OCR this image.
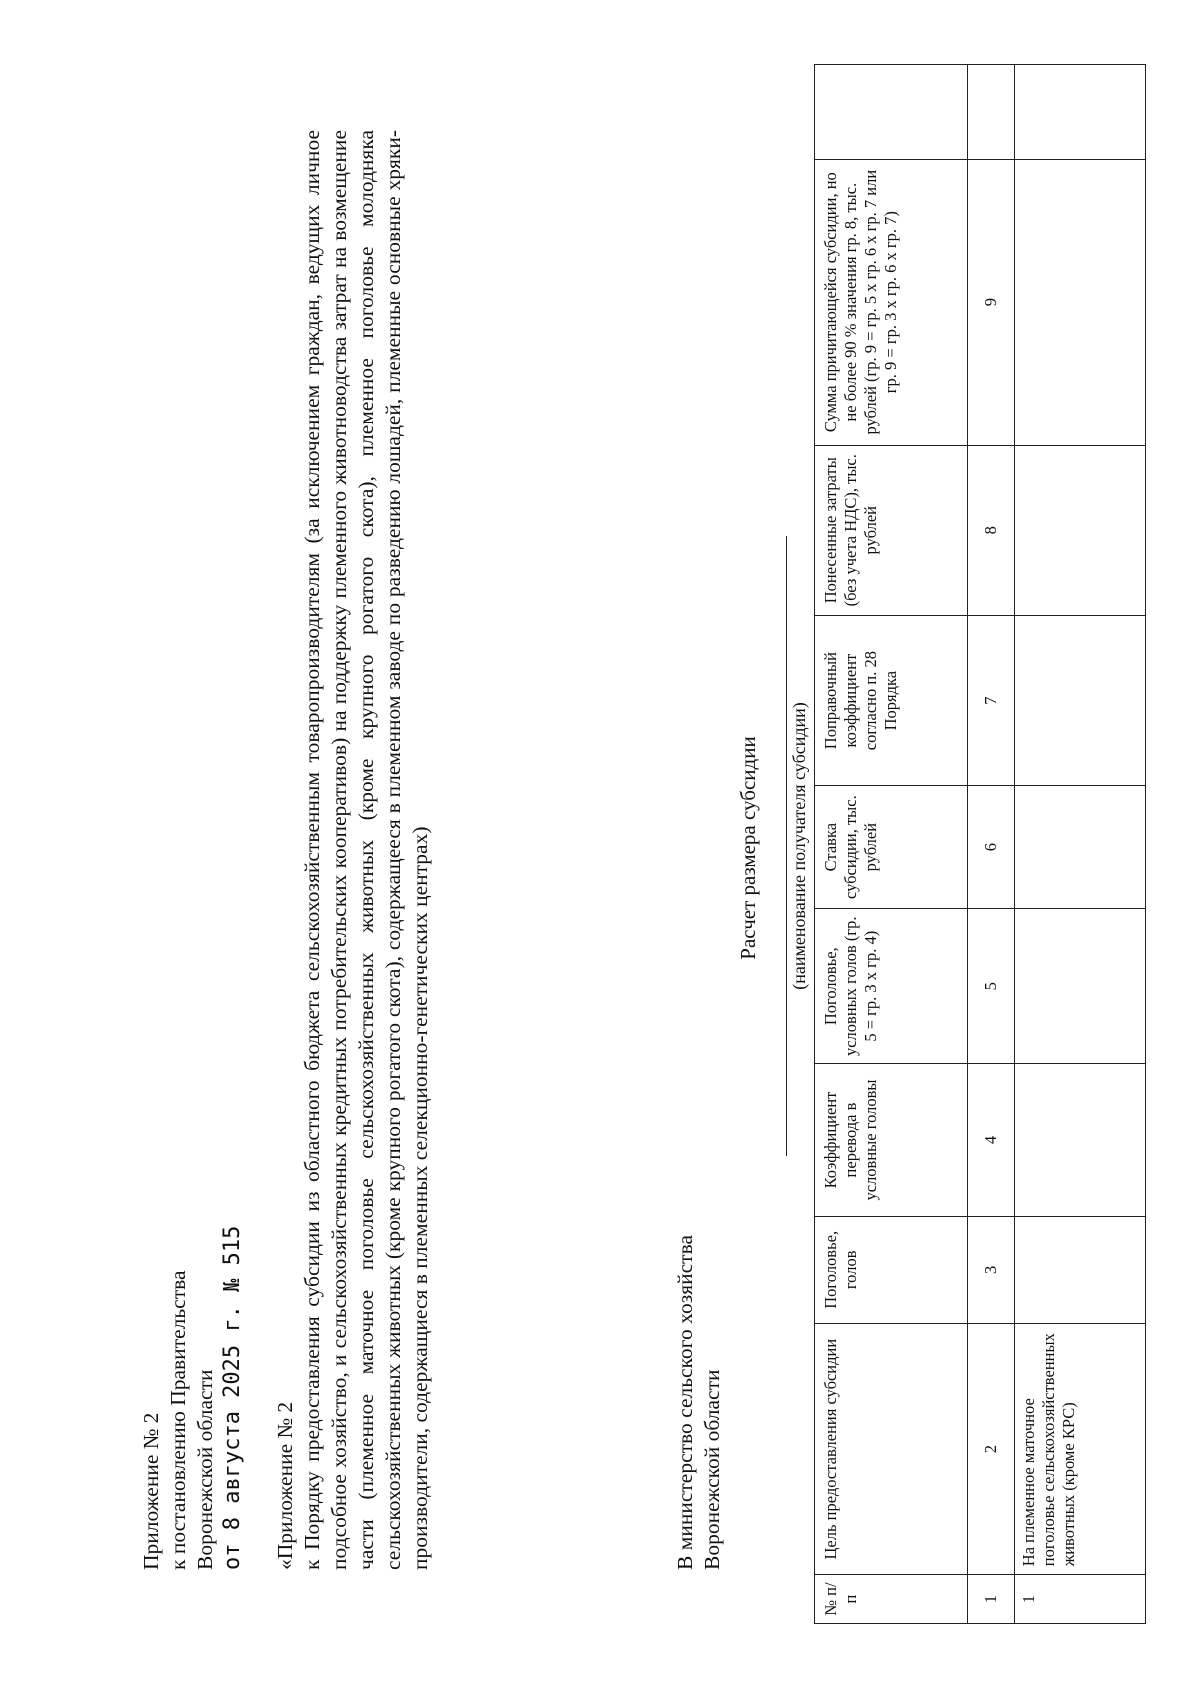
Приложение № 2 к постановлению Правительства Воронежской области от 8 августа 2025 г. № 515 «Приложение № 2 к Порядку предоставления субсидии из областного бюджета сельскохозяйственным товаропроизводителям (за исключением граждан, ведущих личное подсобное хозяйство, и сельскохозяйственных кредитных потребительских кооперативов) на поддержку племенного животноводства затрат на возмещение части (племенное маточное поголовье сельскохозяйственных животных (кроме крупного рогатого скота), племенное поголовье молодняка сельскохозяйственных животных (кроме крупного рогатого скота), содержащееся в племенном заводе по разведению лошадей, племенные основные хряки-производители, содержащиеся в племенных селекционно-генетических центрах)	В министерство сельского хозяйства Воронежской области
Расчет размера субсидии (наименование получателя субсидии)
№ п/п	Цель предоставления субсидии	Поголовье, голов	Коэффициент перевода в условные головы	Поголовье, условных голов (гр. 5 = гр. 3 х гр. 4)	Ставка субсидии, тыс. рублей	Поправочный коэффициент согласно п. 28 Порядка	Понесенные затраты (без учета НДС), тыс. рублей	Сумма причитающейся субсидии, но не более 90 % значения гр. 8, тыс. рублей (гр. 9 = гр. 5 х гр. 6 х гр. 7 или гр. 9 = гр. 3 х гр. 6 х гр. 7)	
1	2	3	4	5	6	7	8	9	
1	На племенное маточное поголовье сельскохозяйственных животных (кроме КРС)								
